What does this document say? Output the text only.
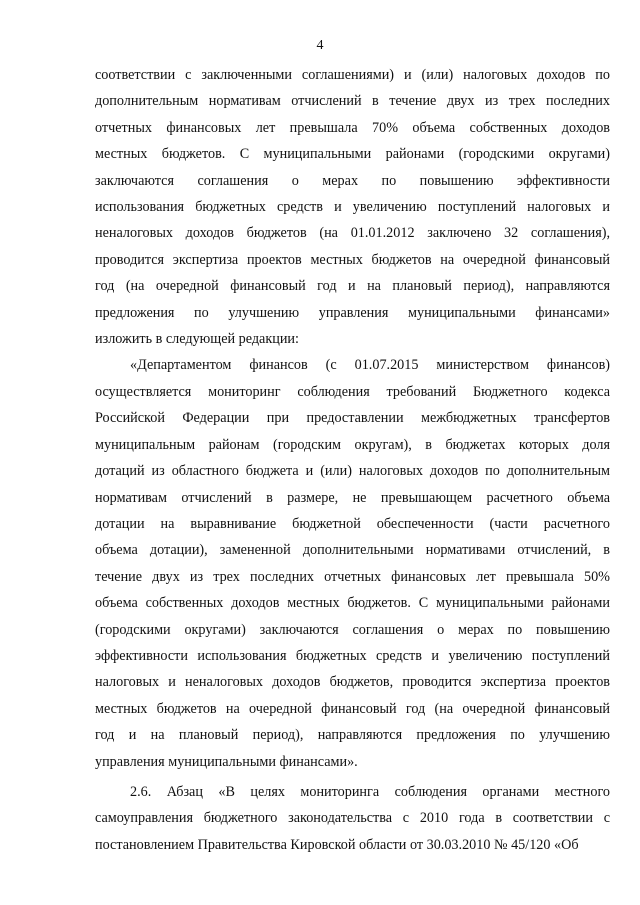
4
соответствии с заключенными соглашениями) и (или) налоговых доходов по
дополнительным нормативам отчислений в течение двух из трех последних
отчетных финансовых лет превышала 70% объема собственных доходов
местных бюджетов. С муниципальными районами (городскими округами)
заключаются соглашения о мерах по повышению эффективности
использования бюджетных средств и увеличению поступлений налоговых и
неналоговых доходов бюджетов (на 01.01.2012 заключено 32 соглашения),
проводится экспертиза проектов местных бюджетов на очередной финансовый
год (на очередной финансовый год и на плановый период), направляются
предложения по улучшению управления муниципальными финансами»
изложить в следующей редакции:
«Департаментом финансов (с 01.07.2015 министерством финансов)
осуществляется мониторинг соблюдения требований Бюджетного кодекса
Российской Федерации при предоставлении межбюджетных трансфертов
муниципальным районам (городским округам), в бюджетах которых доля
дотаций из областного бюджета и (или) налоговых доходов по дополнительным
нормативам отчислений в размере, не превышающем расчетного объема
дотации на выравнивание бюджетной обеспеченности (части расчетного
объема дотации), замененной дополнительными нормативами отчислений, в
течение двух из трех последних отчетных финансовых лет превышала 50%
объема собственных доходов местных бюджетов. С муниципальными районами
(городскими округами) заключаются соглашения о мерах по повышению
эффективности использования бюджетных средств и увеличению поступлений
налоговых и неналоговых доходов бюджетов, проводится экспертиза проектов
местных бюджетов на очередной финансовый год (на очередной финансовый
год и на плановый период), направляются предложения по улучшению
управления муниципальными финансами».
2.6. Абзац «В целях мониторинга соблюдения органами местного
самоуправления бюджетного законодательства с 2010 года в соответствии с
постановлением Правительства Кировской области от 30.03.2010 № 45/120 «Об
